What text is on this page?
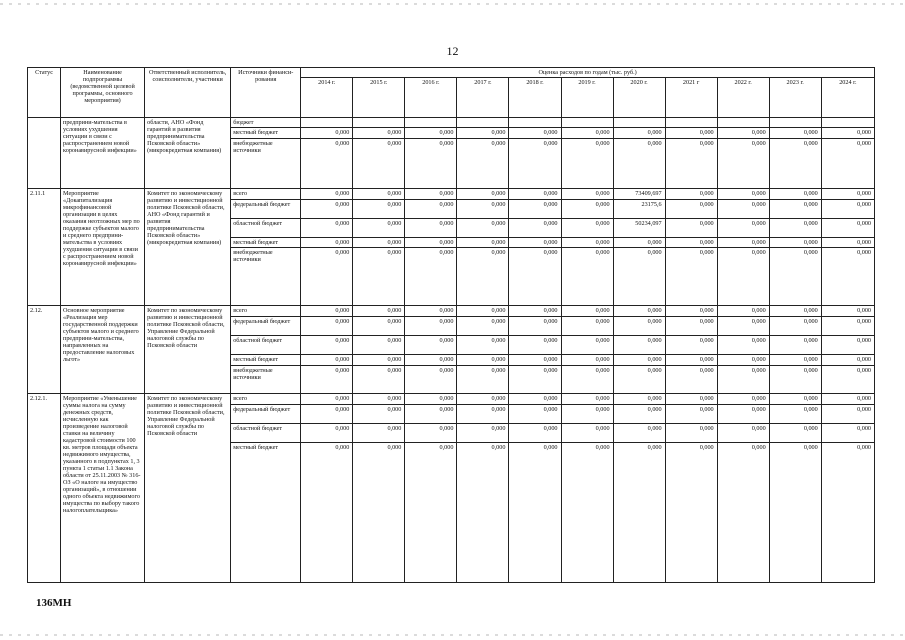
12
Статус	Наименование подпрограммы (ведомственной целевой программы, основного мероприятия)	Ответственный исполнитель, соисполнители, участники	Источники финанси-рования	Оценка расходов по годам (тыс. руб.)										
				2014 г.	2015 г.	2016 г.	2017 г.	2018 г.	2019 г.	2020 г.	2021 г	2022 г.	2023 г.	2024 г.
	предприни-мательства в условиях ухудшения ситуации в связи с распространением новой коронавирусной инфекции»	области, АНО «Фонд гарантий и развития предпринимательства Псковской области» (микрокредитная компания)	бюджет											
			местный бюджет	0,000	0,000	0,000	0,000	0,000	0,000	0,000	0,000	0,000	0,000	0,000
			внебюджетные источники	0,000	0,000	0,000	0,000	0,000	0,000	0,000	0,000	0,000	0,000	0,000
2.11.1	Мероприятие «Докапитализация микрофинансовой организации в целях оказания неотложных мер по поддержке субъектов малого и среднего предприни-мательства в условиях ухудшения ситуации в связи с распространением новой коронавирусной инфекции»	Комитет по экономическому развитию и инвестиционной политике Псковской области, АНО «Фонд гарантий и развития предпринимательства Псковской области» (микрокредитная компания)	всего	0,000	0,000	0,000	0,000	0,000	0,000	73409,697	0,000	0,000	0,000	0,000
			федеральный бюджет	0,000	0,000	0,000	0,000	0,000	0,000	23175,6	0,000	0,000	0,000	0,000
			областной бюджет	0,000	0,000	0,000	0,000	0,000	0,000	50234,097	0,000	0,000	0,000	0,000
			местный бюджет	0,000	0,000	0,000	0,000	0,000	0,000	0,000	0,000	0,000	0,000	0,000
			внебюджетные источники	0,000	0,000	0,000	0,000	0,000	0,000	0,000	0,000	0,000	0,000	0,000
2.12.	Основное мероприятие «Реализация мер государственной поддержки субъектов малого и среднего предприни-мательства, направленных на предоставление налоговых льгот»	Комитет по экономическому развитию и инвестиционной политике Псковской области, Управление Федеральной налоговой службы по Псковской области	всего	0,000	0,000	0,000	0,000	0,000	0,000	0,000	0,000	0,000	0,000	0,000
			федеральный бюджет	0,000	0,000	0,000	0,000	0,000	0,000	0,000	0,000	0,000	0,000	0,000
			областной бюджет	0,000	0,000	0,000	0,000	0,000	0,000	0,000	0,000	0,000	0,000	0,000
			местный бюджет	0,000	0,000	0,000	0,000	0,000	0,000	0,000	0,000	0,000	0,000	0,000
			внебюджетные источники	0,000	0,000	0,000	0,000	0,000	0,000	0,000	0,000	0,000	0,000	0,000
2.12.1.	Мероприятие «Уменьшение суммы налога на сумму денежных средств, исчисленную как произведение налоговой ставки на величину кадастровой стоимости 100 кв. метров площади объекта недвижимого имущества, указанного в подпунктах 1, 3 пункта 1 статьи 1.1 Закона области от 25.11.2003 № 316-ОЗ «О налоге на имущество организаций», в отношении одного объекта недвижимого имущества по выбору такого налогоплательщика»	Комитет по экономическому развитию и инвестиционной политике Псковской области, Управление Федеральной налоговой службы по Псковской области	всего	0,000	0,000	0,000	0,000	0,000	0,000	0,000	0,000	0,000	0,000	0,000
			федеральный бюджет	0,000	0,000	0,000	0,000	0,000	0,000	0,000	0,000	0,000	0,000	0,000
			областной бюджет	0,000	0,000	0,000	0,000	0,000	0,000	0,000	0,000	0,000	0,000	0,000
			местный бюджет	0,000	0,000	0,000	0,000	0,000	0,000	0,000	0,000	0,000	0,000	0,000
136МН
